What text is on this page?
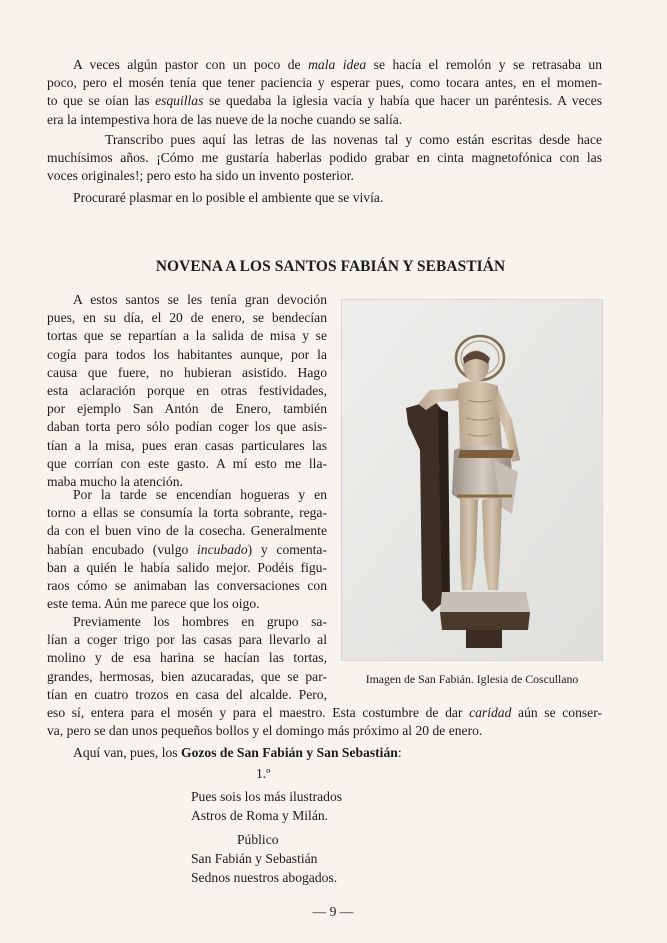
A veces algún pastor con un poco de mala idea se hacía el remolón y se retrasaba un

poco, pero el mosén tenía que tener paciencia y esperar pues, como tocara antes, en el momen-

to que se oían las esquillas se quedaba la iglesia vacía y había que hacer un paréntesis. A veces

era la intempestiva hora de las nueve de la noche cuando se salía.

Transcribo pues aquí las letras de las novenas tal y como están escritas desde hace

muchísimos años. ¡Cómo me gustaría haberlas podido grabar en cinta magnetofónica con las

voces originales!; pero esto ha sido un invento posterior.

Procuraré plasmar en lo posible el ambiente que se vivía.

NOVENA A LOS SANTOS FABIÁN Y SEBASTIÁN

A estos santos se les tenía gran devoción

pues, en su día, el 20 de enero, se bendecían

tortas que se repartían a la salida de misa y se

cogía para todos los habitantes aunque, por la

causa que fuere, no hubieran asistido. Hago

esta aclaración porque en otras festividades,

por ejemplo San Antón de Enero, también

daban torta pero sólo podían coger los que asis-

tían a la misa, pues eran casas particulares las

que corrían con este gasto. A mí esto me lla-

maba mucho la atención.

Por la tarde se encendían hogueras y en

torno a ellas se consumía la torta sobrante, rega-

da con el buen vino de la cosecha. Generalmente

habían encubado (vulgo incubado) y comenta-

ban a quién le había salido mejor. Podéis figu-

raos cómo se animaban las conversaciones con

este tema. Aún me parece que los oigo.

Previamente los hombres en grupo sa-

lían a coger trigo por las casas para llevarlo al

molino y de esa harina se hacían las tortas,

grandes, hermosas, bien azucaradas, que se par-

tían en cuatro trozos en casa del alcalde. Pero,

Imagen de San Fabián. Iglesia de Coscullano

eso sí, entera para el mosén y para el maestro. Esta costumbre de dar caridad aún se conser-

va, pero se dan unos pequeños bollos y el domingo más próximo al 20 de enero.

Aquí van, pues, los Gozos de San Fabián y San Sebastián:

1.º
Pues sois los más ilustrados
Astros de Roma y Milán.
Público
San Fabián y Sebastián
Sednos nuestros abogados.
— 9 —
